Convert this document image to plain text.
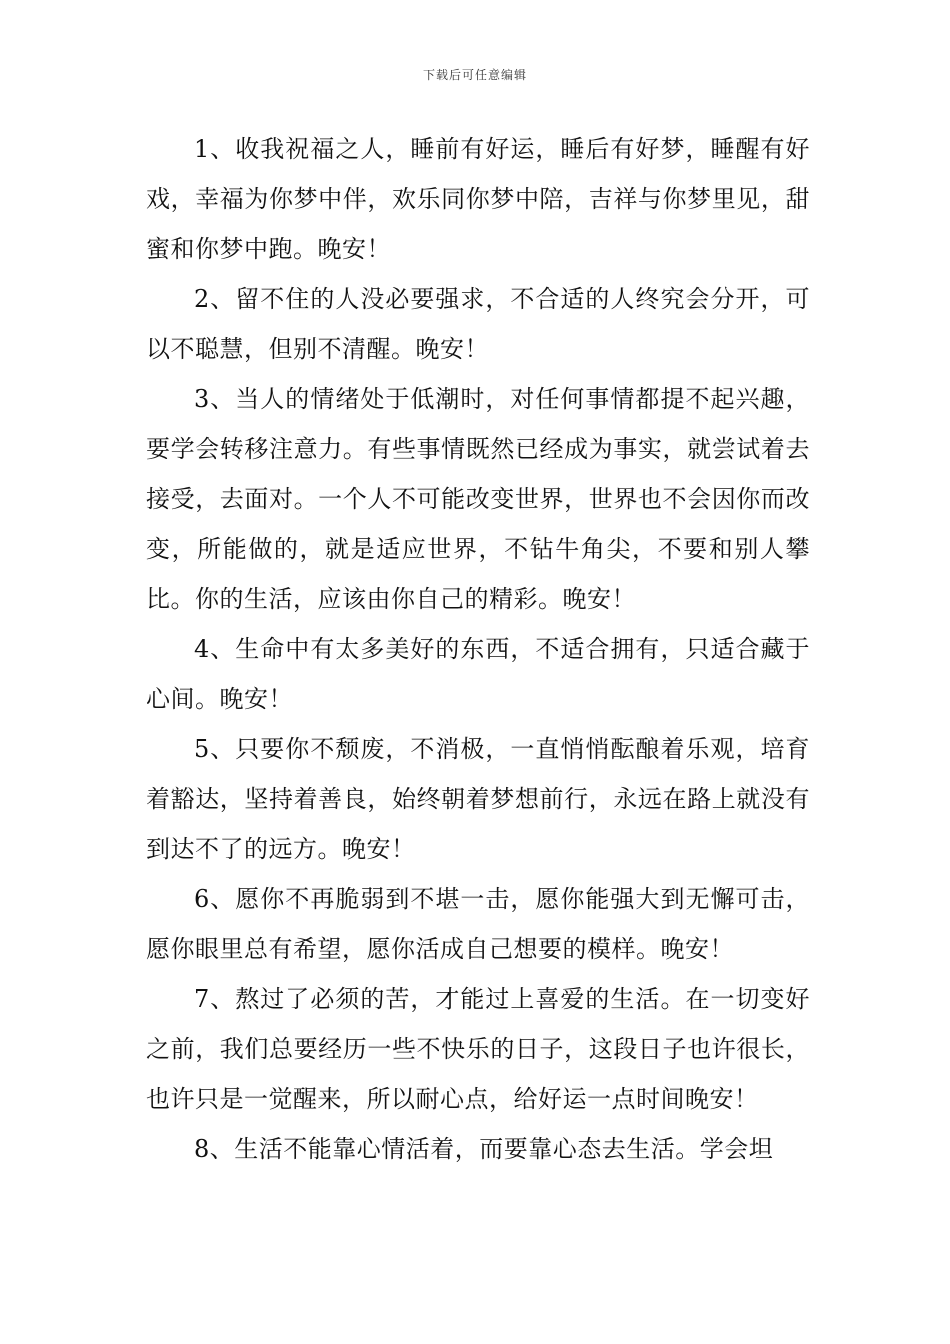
下载后可任意编辑

1、收我祝福之人，睡前有好运，睡后有好梦，睡醒有好戏，幸福为你梦中伴，欢乐同你梦中陪，吉祥与你梦里见，甜蜜和你梦中跑。晚安！

2、留不住的人没必要强求，不合适的人终究会分开，可以不聪慧，但别不清醒。晚安！

3、当人的情绪处于低潮时，对任何事情都提不起兴趣，要学会转移注意力。有些事情既然已经成为事实，就尝试着去接受，去面对。一个人不可能改变世界，世界也不会因你而改变，所能做的，就是适应世界，不钻牛角尖，不要和别人攀比。你的生活，应该由你自己的精彩。晚安！

4、生命中有太多美好的东西，不适合拥有，只适合藏于心间。晚安！

5、只要你不颓废，不消极，一直悄悄酝酿着乐观，培育着豁达，坚持着善良，始终朝着梦想前行，永远在路上就没有到达不了的远方。晚安！

6、愿你不再脆弱到不堪一击，愿你能强大到无懈可击，愿你眼里总有希望，愿你活成自己想要的模样。晚安！

7、熬过了必须的苦，才能过上喜爱的生活。在一切变好之前，我们总要经历一些不快乐的日子，这段日子也许很长，也许只是一觉醒来，所以耐心点，给好运一点时间晚安！

8、生活不能靠心情活着，而要靠心态去生活。学会坦
